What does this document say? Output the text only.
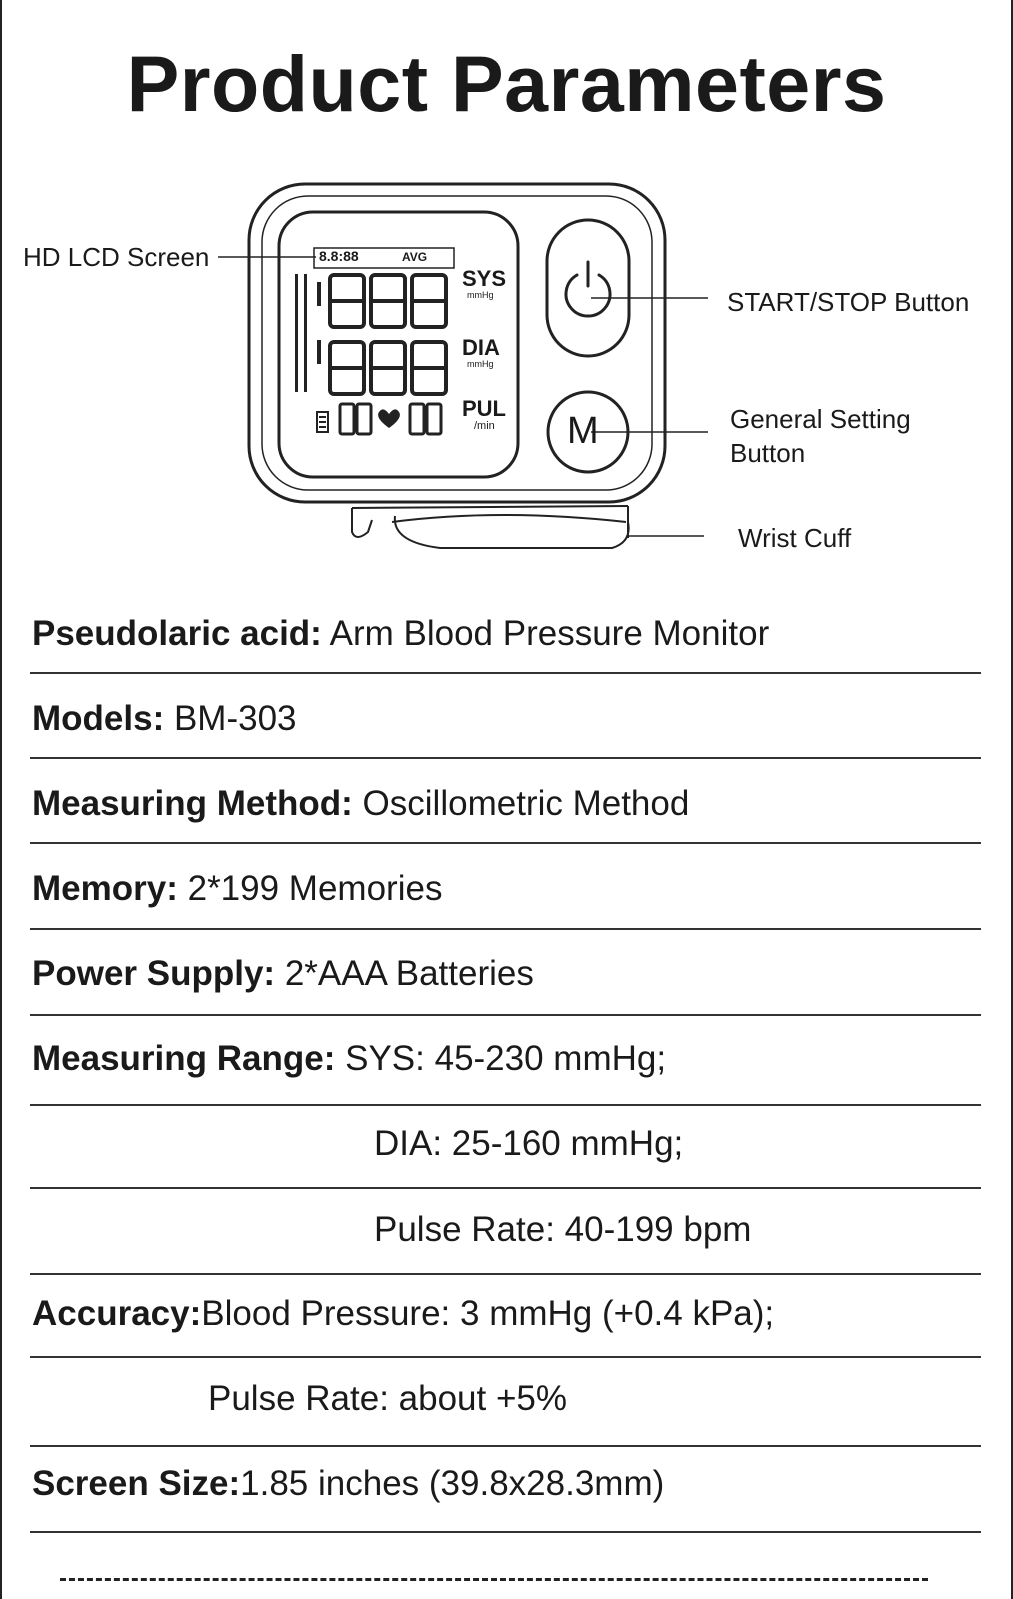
Product Parameters
8.8:88	AVG
SYS
mmHg
DIA
mmHg
PUL
/min M
HD LCD Screen
START/STOP Button
General Setting
Button
Wrist Cuff
Pseudolaric acid: Arm Blood Pressure Monitor
Models: BM-303
Measuring Method: Oscillometric Method
Memory: 2*199 Memories
Power Supply: 2*AAA Batteries
Measuring Range: SYS: 45-230 mmHg;
DIA: 25-160 mmHg;
Pulse Rate: 40-199 bpm
Accuracy:Blood Pressure: 3 mmHg (+0.4 kPa);
Pulse Rate: about +5%
Screen Size:1.85 inches (39.8x28.3mm)
